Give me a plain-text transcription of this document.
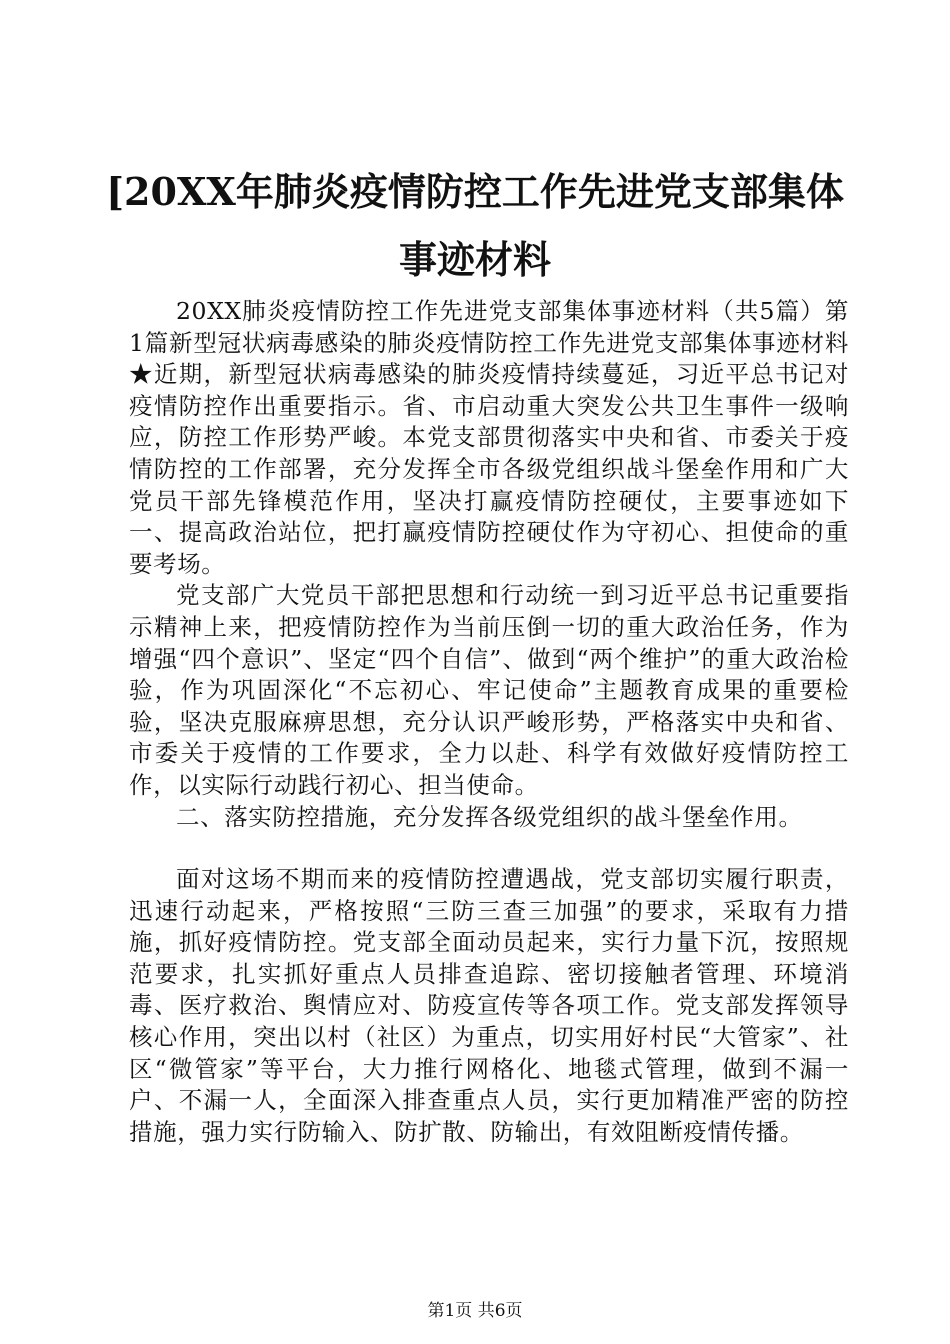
[20XX年肺炎疫情防控工作先进党支部集体事迹材料

20XX肺炎疫情防控工作先进党支部集体事迹材料（共5篇）第1篇新型冠状病毒感染的肺炎疫情防控工作先进党支部集体事迹材料★近期，新型冠状病毒感染的肺炎疫情持续蔓延，习近平总书记对疫情防控作出重要指示。省、市启动重大突发公共卫生事件一级响应，防控工作形势严峻。本党支部贯彻落实中央和省、市委关于疫情防控的工作部署，充分发挥全市各级党组织战斗堡垒作用和广大党员干部先锋模范作用，坚决打赢疫情防控硬仗，主要事迹如下一、提高政治站位，把打赢疫情防控硬仗作为守初心、担使命的重要考场。

党支部广大党员干部把思想和行动统一到习近平总书记重要指示精神上来，把疫情防控作为当前压倒一切的重大政治任务，作为增强“四个意识”、坚定“四个自信”、做到“两个维护”的重大政治检验，作为巩固深化“不忘初心、牢记使命”主题教育成果的重要检验，坚决克服麻痹思想，充分认识严峻形势，严格落实中央和省、市委关于疫情的工作要求，全力以赴、科学有效做好疫情防控工作，以实际行动践行初心、担当使命。

二、落实防控措施，充分发挥各级党组织的战斗堡垒作用。

面对这场不期而来的疫情防控遭遇战，党支部切实履行职责，迅速行动起来，严格按照“三防三查三加强”的要求，采取有力措施，抓好疫情防控。党支部全面动员起来，实行力量下沉，按照规范要求，扎实抓好重点人员排查追踪、密切接触者管理、环境消毒、医疗救治、舆情应对、防疫宣传等各项工作。党支部发挥领导核心作用，突出以村（社区）为重点，切实用好村民“大管家”、社区“微管家”等平台，大力推行网格化、地毯式管理，做到不漏一户、不漏一人，全面深入排查重点人员，实行更加精准严密的防控措施，强力实行防输入、防扩散、防输出，有效阻断疫情传播。

第1页 共6页
